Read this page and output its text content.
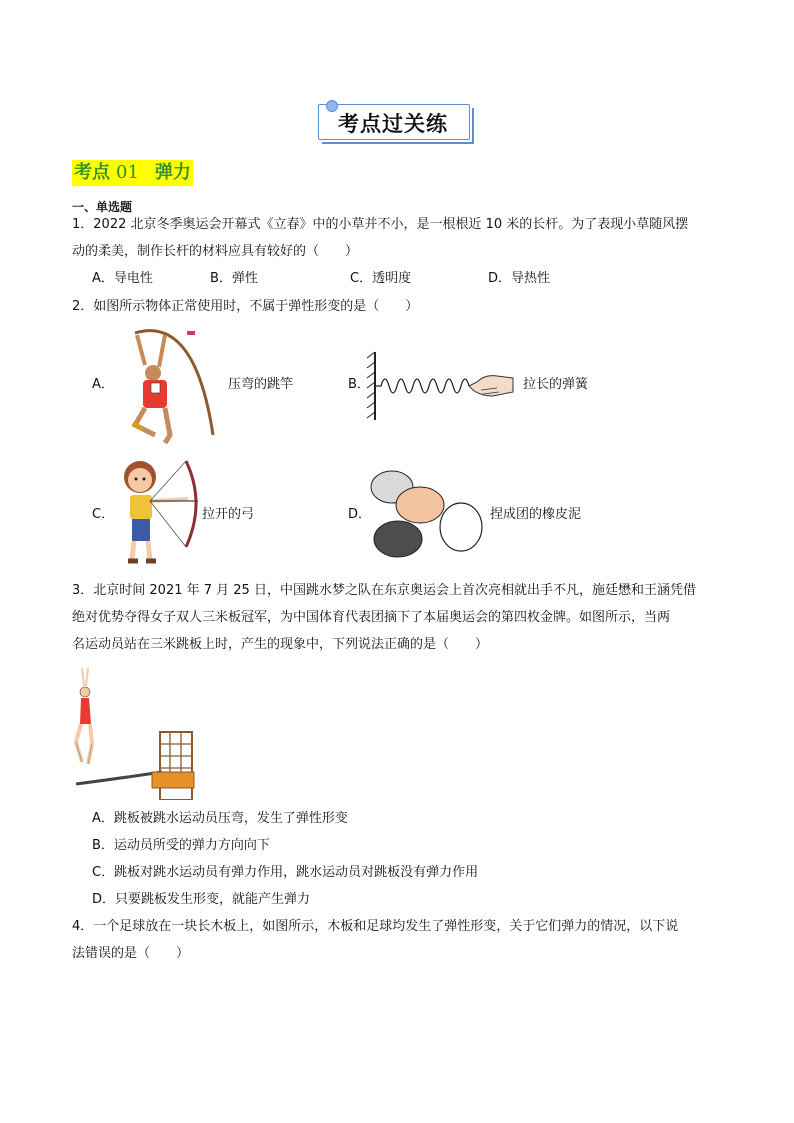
考点过关练
考点 01 弹力
一、单选题
1．2022 北京冬季奥运会开幕式《立春》中的小草并不小，是一根根近 10 米的长杆。为了表现小草随风摆
动的柔美，制作长杆的材料应具有较好的（　　）
A．导电性	B．弹性	C．透明度	D．导热性
2．如图所示物体正常使用时，不属于弹性形变的是（　　）
A．	压弯的跳竿	B．	拉长的弹簧
C．	拉开的弓	D．	捏成团的橡皮泥
3．北京时间 2021 年 7 月 25 日，中国跳水梦之队在东京奥运会上首次亮相就出手不凡，施廷懋和王涵凭借
绝对优势夺得女子双人三米板冠军，为中国体育代表团摘下了本届奥运会的第四枚金牌。如图所示，当两
名运动员站在三米跳板上时，产生的现象中，下列说法正确的是（　　）
A．跳板被跳水运动员压弯，发生了弹性形变
B．运动员所受的弹力方向向下
C．跳板对跳水运动员有弹力作用，跳水运动员对跳板没有弹力作用
D．只要跳板发生形变，就能产生弹力
4．一个足球放在一块长木板上，如图所示，木板和足球均发生了弹性形变，关于它们弹力的情况，以下说
法错误的是（　　）
